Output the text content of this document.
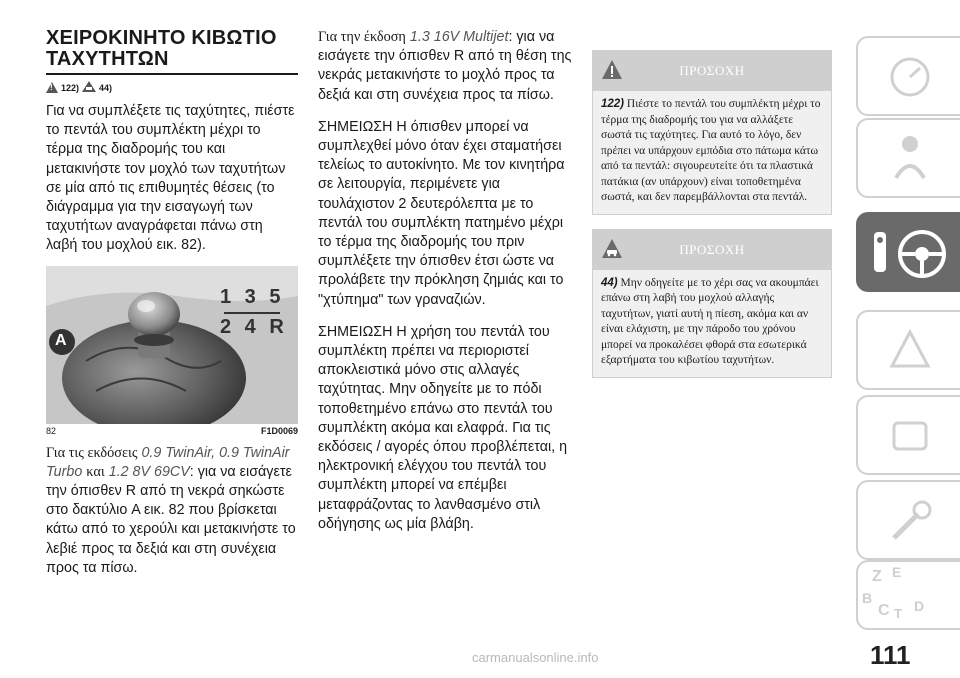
ΧΕΙΡΟΚΙΝΗΤΟ ΚΙΒΩΤΙΟ
ΤΑΧΥΤΗΤΩΝ
!
122) 44)

Για να συμπλέξετε τις ταχύτητες, πιέστε το πεντάλ του συμπλέκτη μέχρι το τέρμα της διαδρομής του και μετακινήστε τον μοχλό των ταχυτήτων σε μία από τις επιθυμητές θέσεις (το διάγραμμα για την εισαγωγή των ταχυτήτων αναγράφεται πάνω στη λαβή του μοχλού εικ. 82).

A
1 3 5
2 4 R
82	F1D0069

Για τις εκδόσεις 0.9 TwinAir, 0.9 TwinAir Turbo και 1.2 8V 69CV: για να εισάγετε την όπισθεν R από τη νεκρά σηκώστε στο δακτύλιο A εικ. 82 που βρίσκεται κάτω από το χερούλι και μετακινήστε το λεβιέ προς τα δεξιά και στη συνέχεια προς τα πίσω.

Για την έκδοση 1.3 16V Multijet: για να εισάγετε την όπισθεν R από τη θέση της νεκράς μετακινήστε το μοχλό προς τα δεξιά και στη συνέχεια προς τα πίσω.

ΣΗΜΕΙΩΣΗ Η όπισθεν μπορεί να συμπλεχθεί μόνο όταν έχει σταματήσει τελείως το αυτοκίνητο. Με τον κινητήρα σε λειτουργία, περιμένετε για τουλάχιστον 2 δευτερόλεπτα με το πεντάλ του συμπλέκτη πατημένο μέχρι το τέρμα της διαδρομής του πριν συμπλέξετε την όπισθεν έτσι ώστε να προλάβετε την πρόκληση ζημιάς και το "χτύπημα" των γραναζιών.

ΣΗΜΕΙΩΣΗ Η χρήση του πεντάλ του συμπλέκτη πρέπει να περιοριστεί αποκλειστικά μόνο στις αλλαγές ταχύτητας. Μην οδηγείτε με το πόδι τοποθετημένο επάνω στο πεντάλ του συμπλέκτη ακόμα και ελαφρά. Για τις εκδόσεις / αγορές όπου προβλέπεται, η ηλεκτρονική ελέγχου του πεντάλ του συμπλέκτη μπορεί να επέμβει μεταφράζοντας το λανθασμένο στιλ οδήγησης ως μία βλάβη.

ΠΡΟΣΟΧΗ
122) Πιέστε το πεντάλ του συμπλέκτη μέχρι το τέρμα της διαδρομής του για να αλλάξετε σωστά τις ταχύτητες. Για αυτό το λόγο, δεν πρέπει να υπάρχουν εμπόδια στο πάτωμα κάτω από τα πεντάλ: σιγουρευτείτε ότι τα πλαστικά πατάκια (αν υπάρχουν) είναι τοποθετημένα σωστά, και δεν παρεμβάλλονται στα πεντάλ.
ΠΡΟΣΟΧΗ
44) Μην οδηγείτε με το χέρι σας να ακουμπάει επάνω στη λαβή του μοχλού αλλαγής ταχυτήτων, γιατί αυτή η πίεση, ακόμα και αν είναι ελάχιστη, με την πάροδο του χρόνου μπορεί να προκαλέσει φθορά στα εσωτερικά εξαρτήματα του κιβωτίου ταχυτήτων.
Z E
B
C T D
111
carmanualsonline.info
